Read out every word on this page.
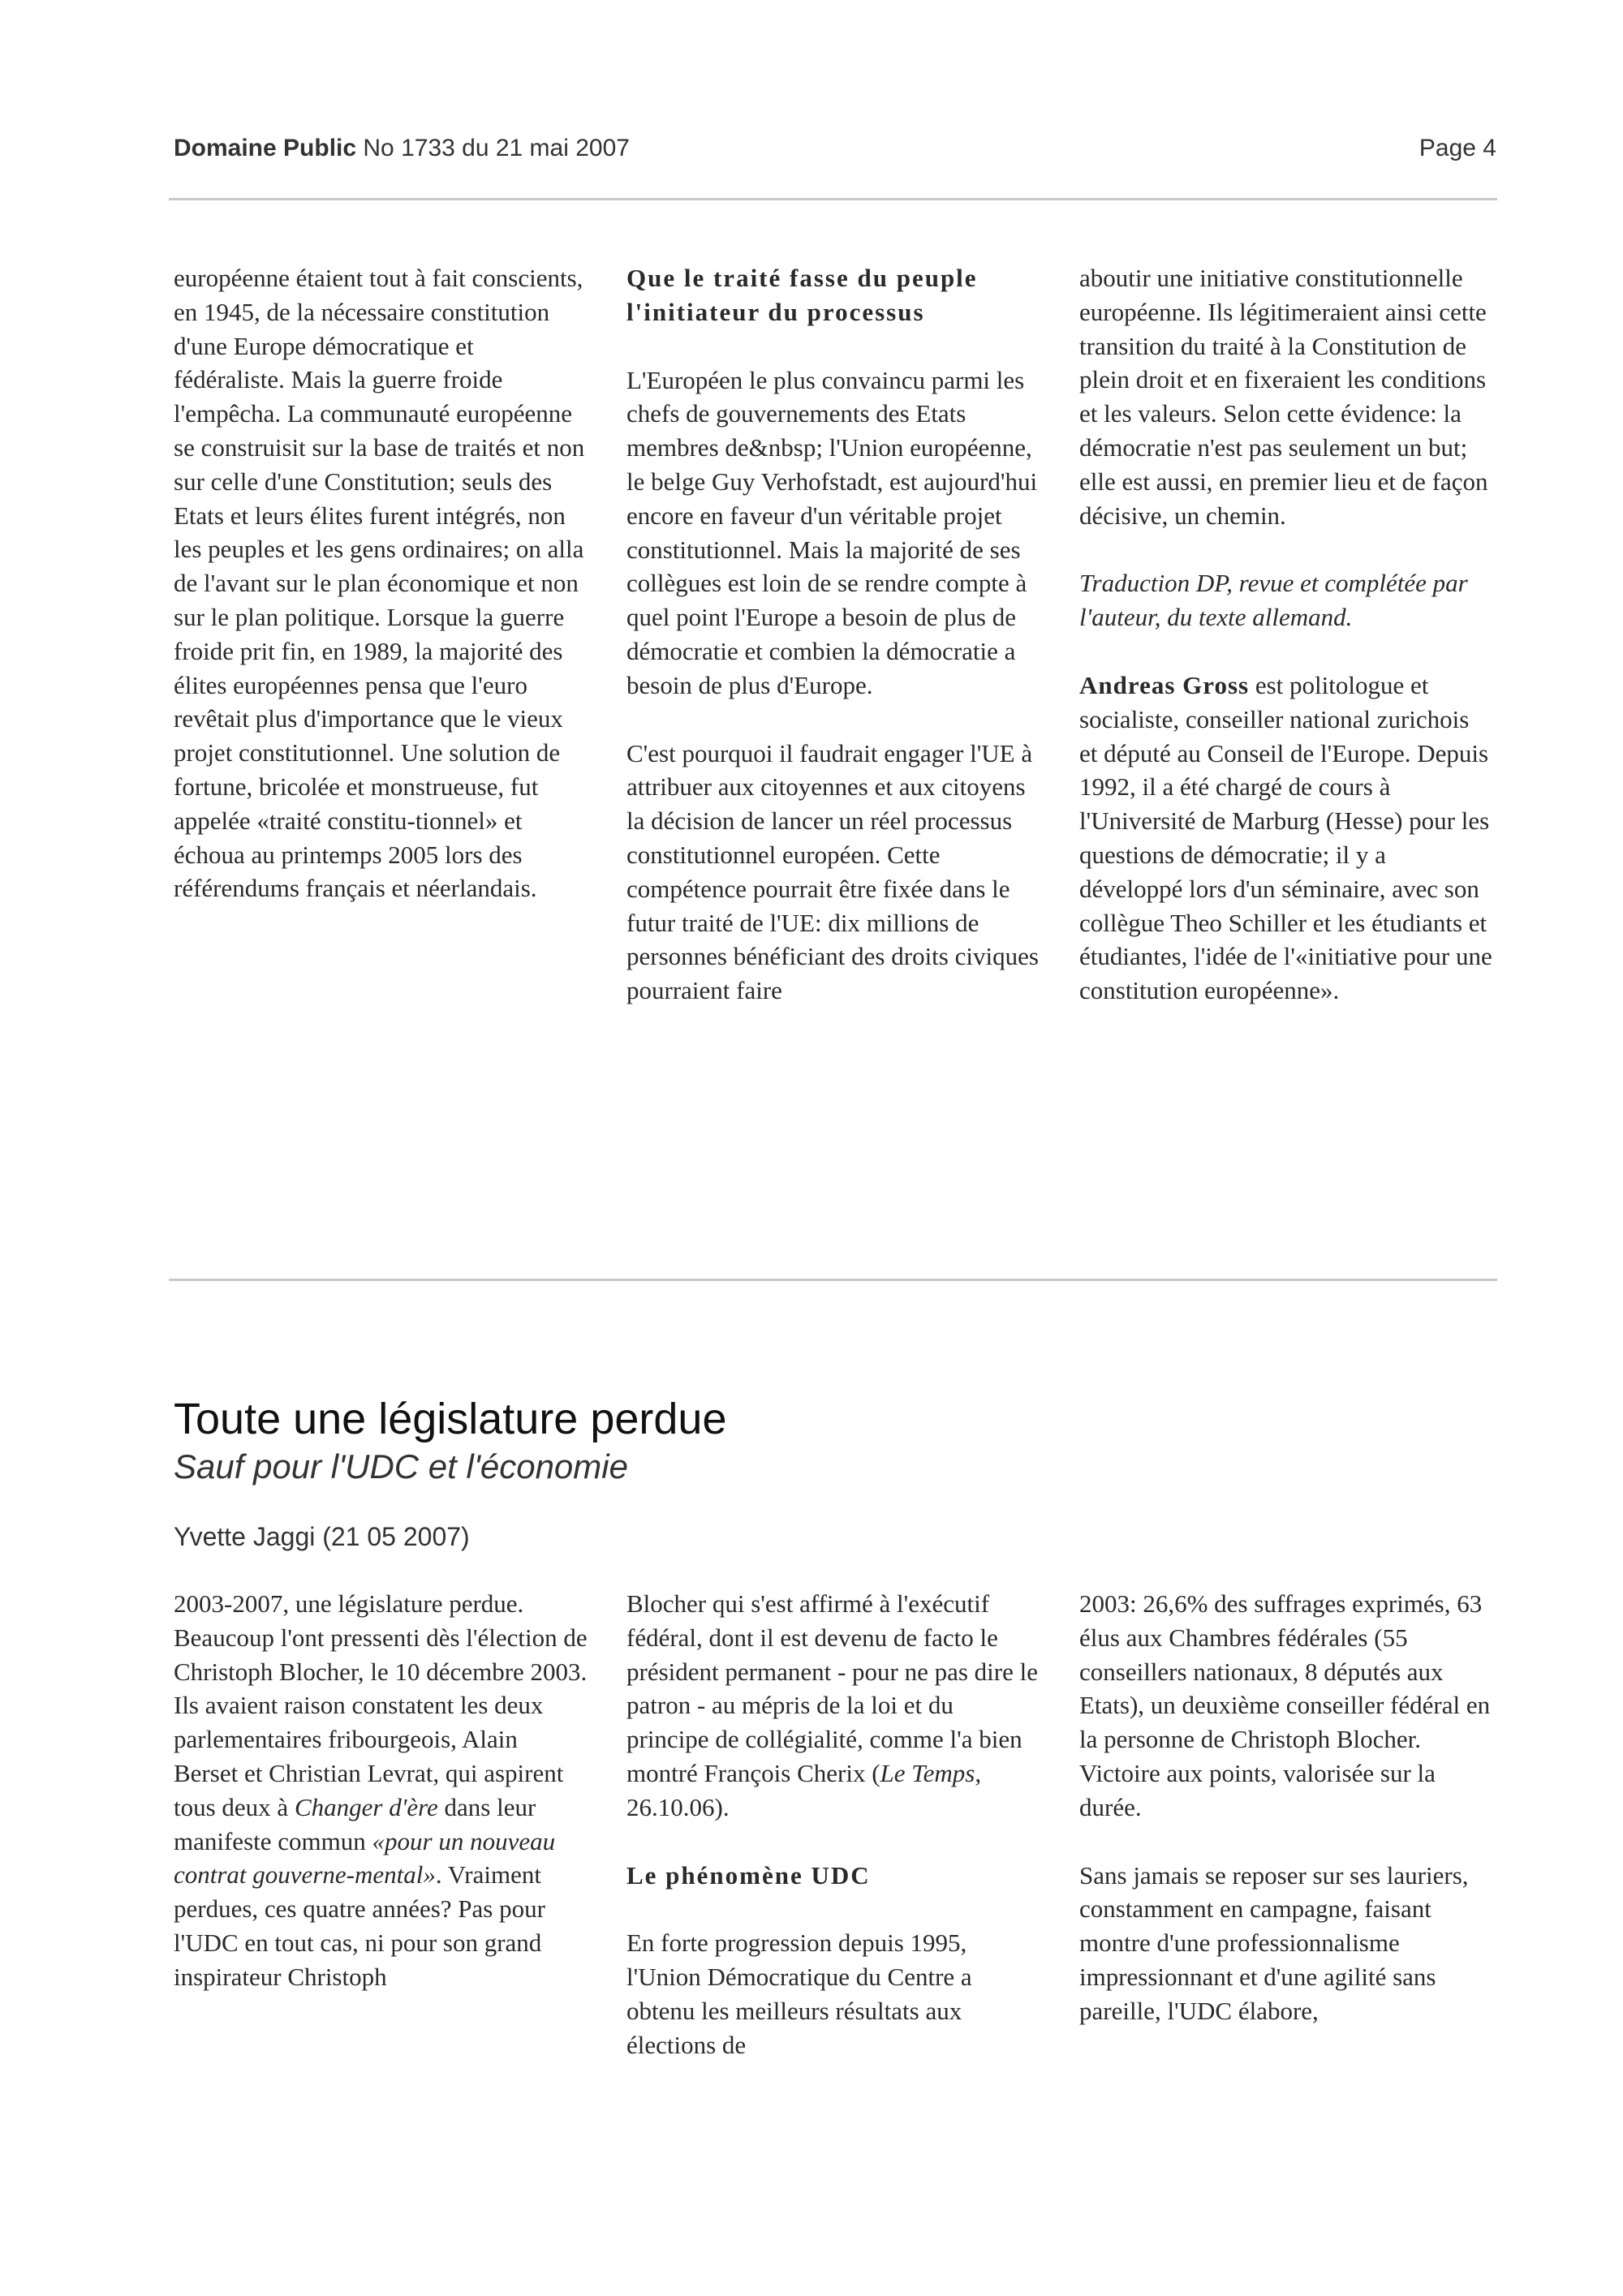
Domaine Public No 1733 du 21 mai 2007	Page 4

européenne étaient tout à fait conscients, en 1945, de la nécessaire constitution d'une Europe démocratique et fédéraliste. Mais la guerre froide l'empêcha. La communauté européenne se construisit sur la base de traités et non sur celle d'une Constitution; seuls des Etats et leurs élites furent intégrés, non les peuples et les gens ordinaires; on alla de l'avant sur le plan économique et non sur le plan politique. Lorsque la guerre froide prit fin, en 1989, la majorité des élites européennes pensa que l'euro revêtait plus d'importance que le vieux projet constitutionnel. Une solution de fortune, bricolée et monstrueuse, fut appelée «traité constitu-tionnel» et échoua au printemps 2005 lors des référendums français et néerlandais.

Que le traité fasse du peuple l'initiateur du processus

L'Européen le plus convaincu parmi les chefs de gouvernements des Etats membres de&nbsp; l'Union européenne, le belge Guy Verhofstadt, est aujourd'hui encore en faveur d'un véritable projet constitutionnel. Mais la majorité de ses collègues est loin de se rendre compte à quel point l'Europe a besoin de plus de démocratie et combien la démocratie a besoin de plus d'Europe.

C'est pourquoi il faudrait engager l'UE à attribuer aux citoyennes et aux citoyens la décision de lancer un réel processus constitutionnel européen. Cette compétence pourrait être fixée dans le futur traité de l'UE: dix millions de personnes bénéficiant des droits civiques pourraient faire

aboutir une initiative constitutionnelle européenne. Ils légitimeraient ainsi cette transition du traité à la Constitution de plein droit et en fixeraient les conditions et les valeurs. Selon cette évidence: la démocratie n'est pas seulement un but; elle est aussi, en premier lieu et de façon décisive, un chemin.

Traduction DP, revue et complétée par l'auteur, du texte allemand.

Andreas Gross est politologue et socialiste, conseiller national zurichois et député au Conseil de l'Europe. Depuis 1992, il a été chargé de cours à l'Université de Marburg (Hesse) pour les questions de démocratie; il y a développé lors d'un séminaire, avec son collègue Theo Schiller et les étudiants et étudiantes, l'idée de l'«initiative pour une constitution européenne».

Toute une législature perdue
Sauf pour l'UDC et l'économie
Yvette Jaggi (21 05 2007)

2003-2007, une législature perdue. Beaucoup l'ont pressenti dès l'élection de Christoph Blocher, le 10 décembre 2003. Ils avaient raison constatent les deux parlementaires fribourgeois, Alain Berset et Christian Levrat, qui aspirent tous deux à Changer d'ère dans leur manifeste commun «pour un nouveau contrat gouverne-mental». Vraiment perdues, ces quatre années? Pas pour l'UDC en tout cas, ni pour son grand inspirateur Christoph

Blocher qui s'est affirmé à l'exécutif fédéral, dont il est devenu de facto le président permanent - pour ne pas dire le patron - au mépris de la loi et du principe de collégialité, comme l'a bien montré François Cherix (Le Temps, 26.10.06).

Le phénomène UDC

En forte progression depuis 1995, l'Union Démocratique du Centre a obtenu les meilleurs résultats aux élections de

2003: 26,6% des suffrages exprimés, 63 élus aux Chambres fédérales (55 conseillers nationaux, 8 députés aux Etats), un deuxième conseiller fédéral en la personne de Christoph Blocher. Victoire aux points, valorisée sur la durée.

Sans jamais se reposer sur ses lauriers, constamment en campagne, faisant montre d'une professionnalisme impressionnant et d'une agilité sans pareille, l'UDC élabore,
